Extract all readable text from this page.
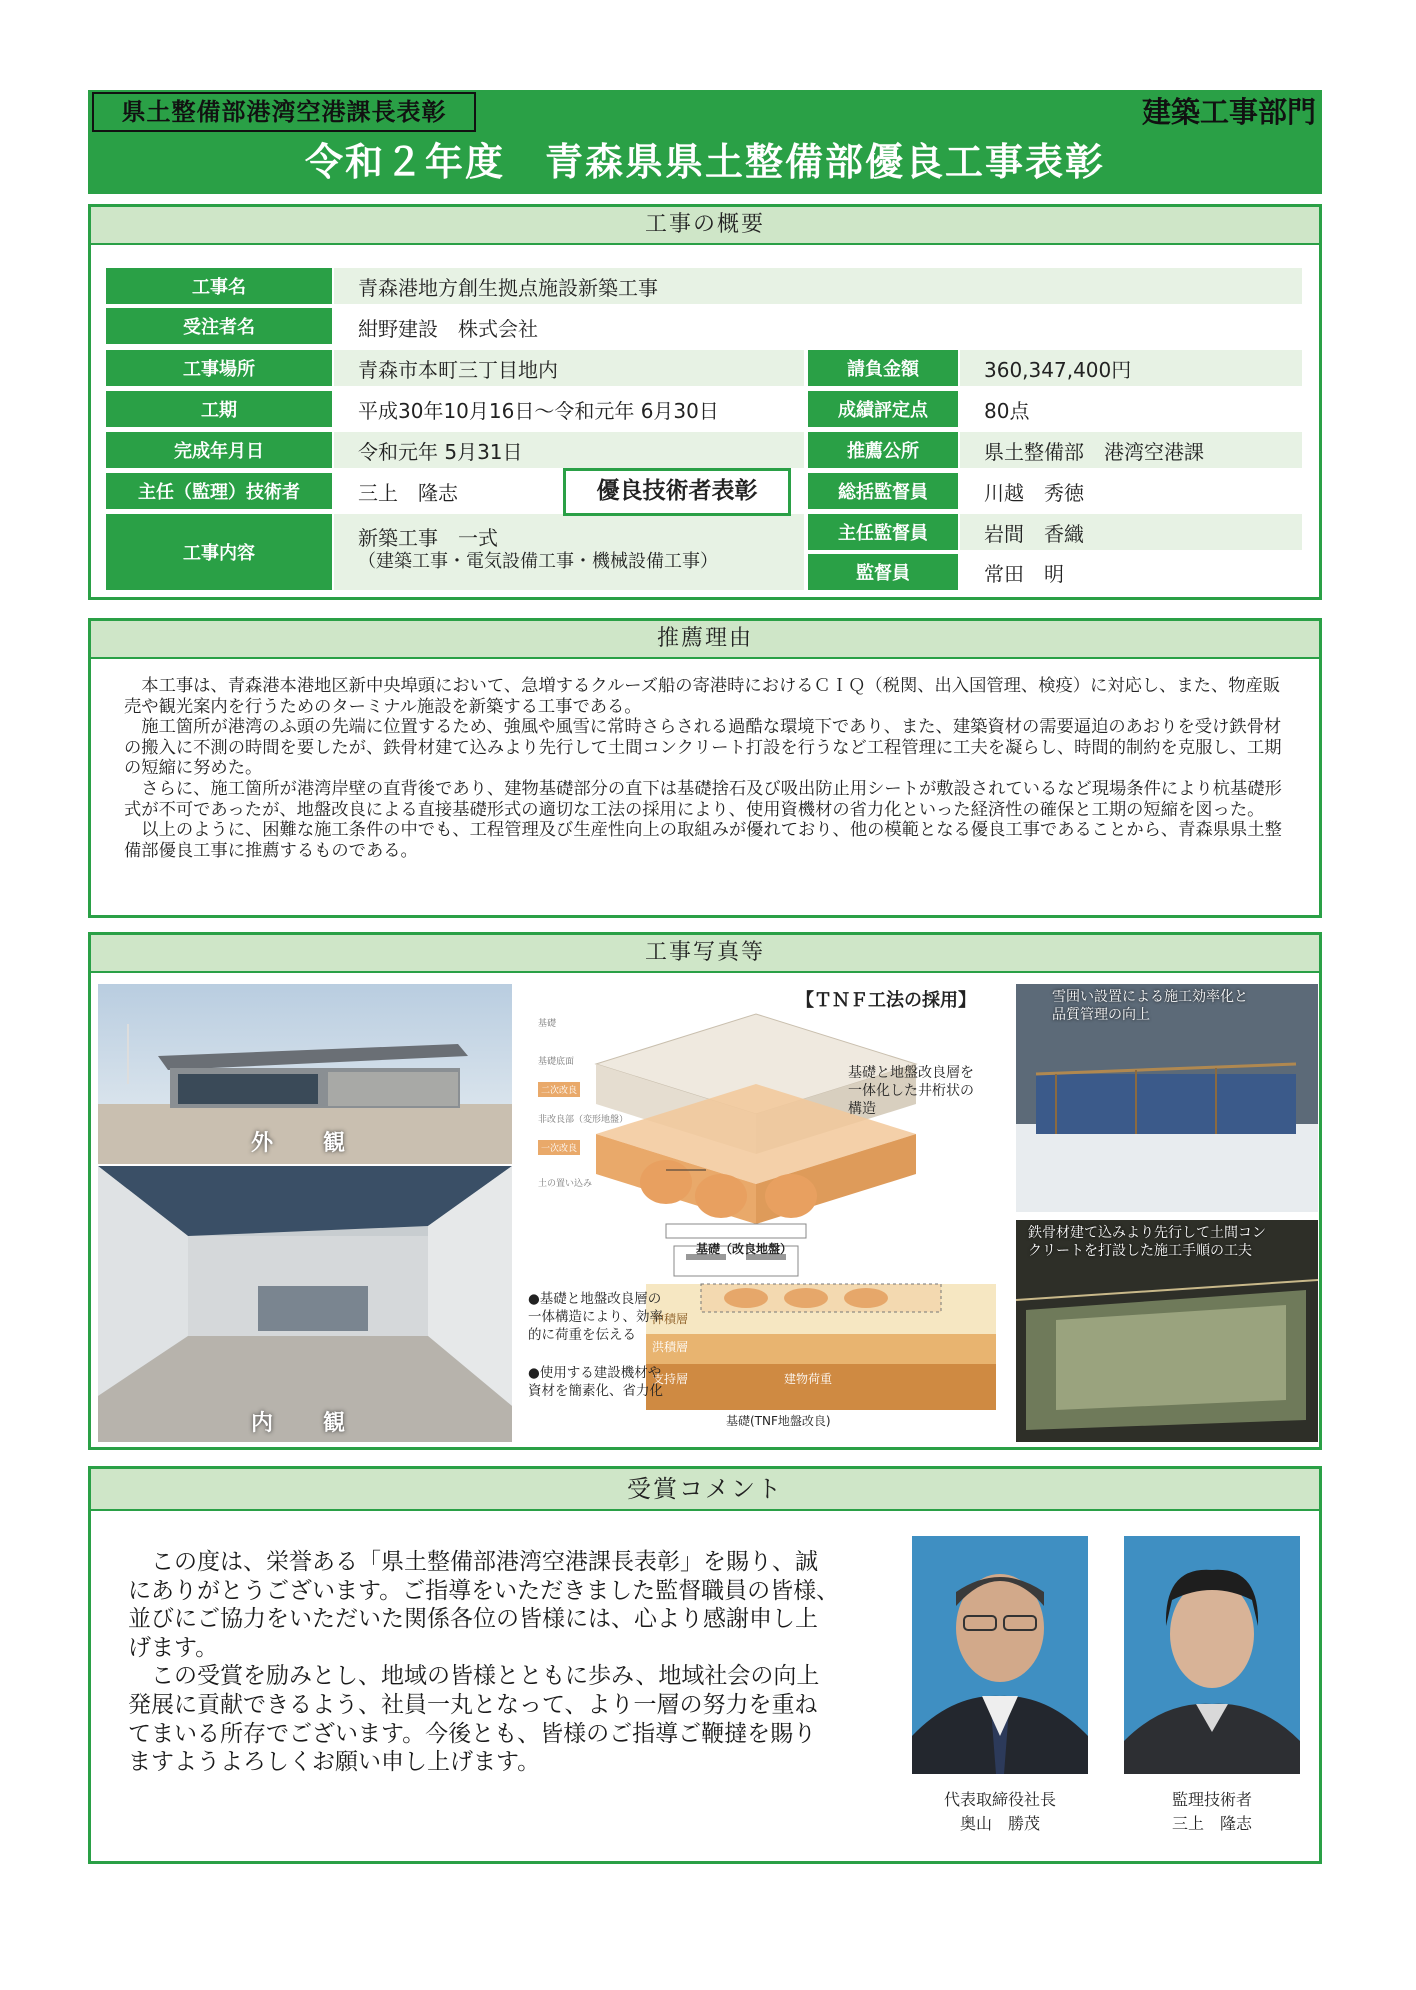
県土整備部港湾空港課長表彰	建築工事部門
令和２年度　青森県県土整備部優良工事表彰
工事の概要
工事名
受注者名
工事場所
工期
完成年月日
主任（監理）技術者
工事内容
青森港地方創生拠点施設新築工事
紺野建設　株式会社
青森市本町三丁目地内
平成30年10月16日～令和元年 6月30日
令和元年 5月31日
三上　隆志
新築工事　一式
（建築工事・電気設備工事・機械設備工事）
優良技術者表彰
請負金額
成績評定点
推薦公所
総括監督員
主任監督員
監督員
360,347,400円
80点
県土整備部　港湾空港課
川越　秀徳
岩間　香織
常田　明
推薦理由

本工事は、青森港本港地区新中央埠頭において、急増するクルーズ船の寄港時におけるＣＩＱ（税関、出入国管理、検疫）に対応し、また、物産販売や観光案内を行うためのターミナル施設を新築する工事である。

施工箇所が港湾のふ頭の先端に位置するため、強風や風雪に常時さらされる過酷な環境下であり、また、建築資材の需要逼迫のあおりを受け鉄骨材の搬入に不測の時間を要したが、鉄骨材建て込みより先行して土間コンクリート打設を行うなど工程管理に工夫を凝らし、時間的制約を克服し、工期の短縮に努めた。

さらに、施工箇所が港湾岸壁の直背後であり、建物基礎部分の直下は基礎捨石及び吸出防止用シートが敷設されているなど現場条件により杭基礎形式が不可であったが、地盤改良による直接基礎形式の適切な工法の採用により、使用資機材の省力化といった経済性の確保と工期の短縮を図った。

以上のように、困難な施工条件の中でも、工程管理及び生産性向上の取組みが優れており、他の模範となる優良工事であることから、青森県県土整備部優良工事に推薦するものである。

工事写真等
外　観
内　観
【ＴＮＦ工法の採用】
基礎
基礎底面
二次改良
非改良部（変形地盤）
一次改良
土の置い込み
基礎と地盤改良層を
一体化した井桁状の
構造
基礎（改良地盤）
沖積層
洪積層
支持層	建物荷重
基礎(TNF地盤改良)
●基礎と地盤改良層の
一体構造により、効率
的に荷重を伝える
●使用する建設機材や
資材を簡素化、省力化
雪囲い設置による施工効率化と
品質管理の向上
鉄骨材建て込みより先行して土間コン
クリートを打設した施工手順の工夫
受賞コメント

この度は、栄誉ある「県土整備部港湾空港課長表彰」を賜り、誠
にありがとうございます。ご指導をいただきました監督職員の皆様、
並びにご協力をいただいた関係各位の皆様には、心より感謝申し上
げます。

この受賞を励みとし、地域の皆様とともに歩み、地域社会の向上
発展に貢献できるよう、社員一丸となって、より一層の努力を重ね
てまいる所存でございます。今後とも、皆様のご指導ご鞭撻を賜り
ますようよろしくお願い申し上げます。

代表取締役社長
奥山　勝茂
監理技術者
三上　隆志
